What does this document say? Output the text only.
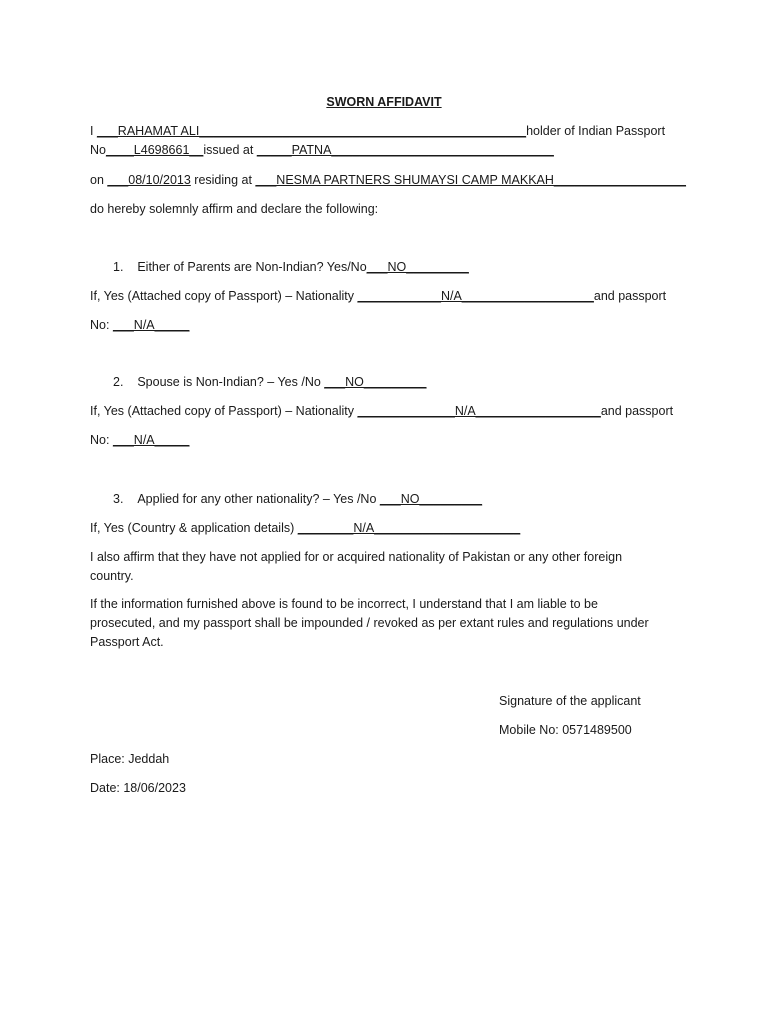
SWORN AFFIDAVIT
I ___RAHAMAT ALI_______________________________________________holder of Indian Passport
No____L4698661__issued at _____PATNA________________________________
on ___08/10/2013 residing at ___NESMA PARTNERS SHUMAYSI CAMP MAKKAH___________________
do hereby solemnly affirm and declare the following:
1. Either of Parents are Non-Indian? Yes/No___NO_________
If, Yes (Attached copy of Passport) – Nationality ____________N/A___________________and passport
No: ___N/A_____
2. Spouse is Non-Indian? – Yes /No ___NO_________
If, Yes (Attached copy of Passport) – Nationality ______________N/A__________________and passport
No: ___N/A_____
3. Applied for any other nationality? – Yes /No ___NO_________
If, Yes (Country & application details) ________N/A_____________________
I also affirm that they have not applied for or acquired nationality of Pakistan or any other foreign
country.
If the information furnished above is found to be incorrect, I understand that I am liable to be
prosecuted, and my passport shall be impounded / revoked as per extant rules and regulations under
Passport Act.
Signature of the applicant
Mobile No: 0571489500
Place: Jeddah
Date: 18/06/2023
